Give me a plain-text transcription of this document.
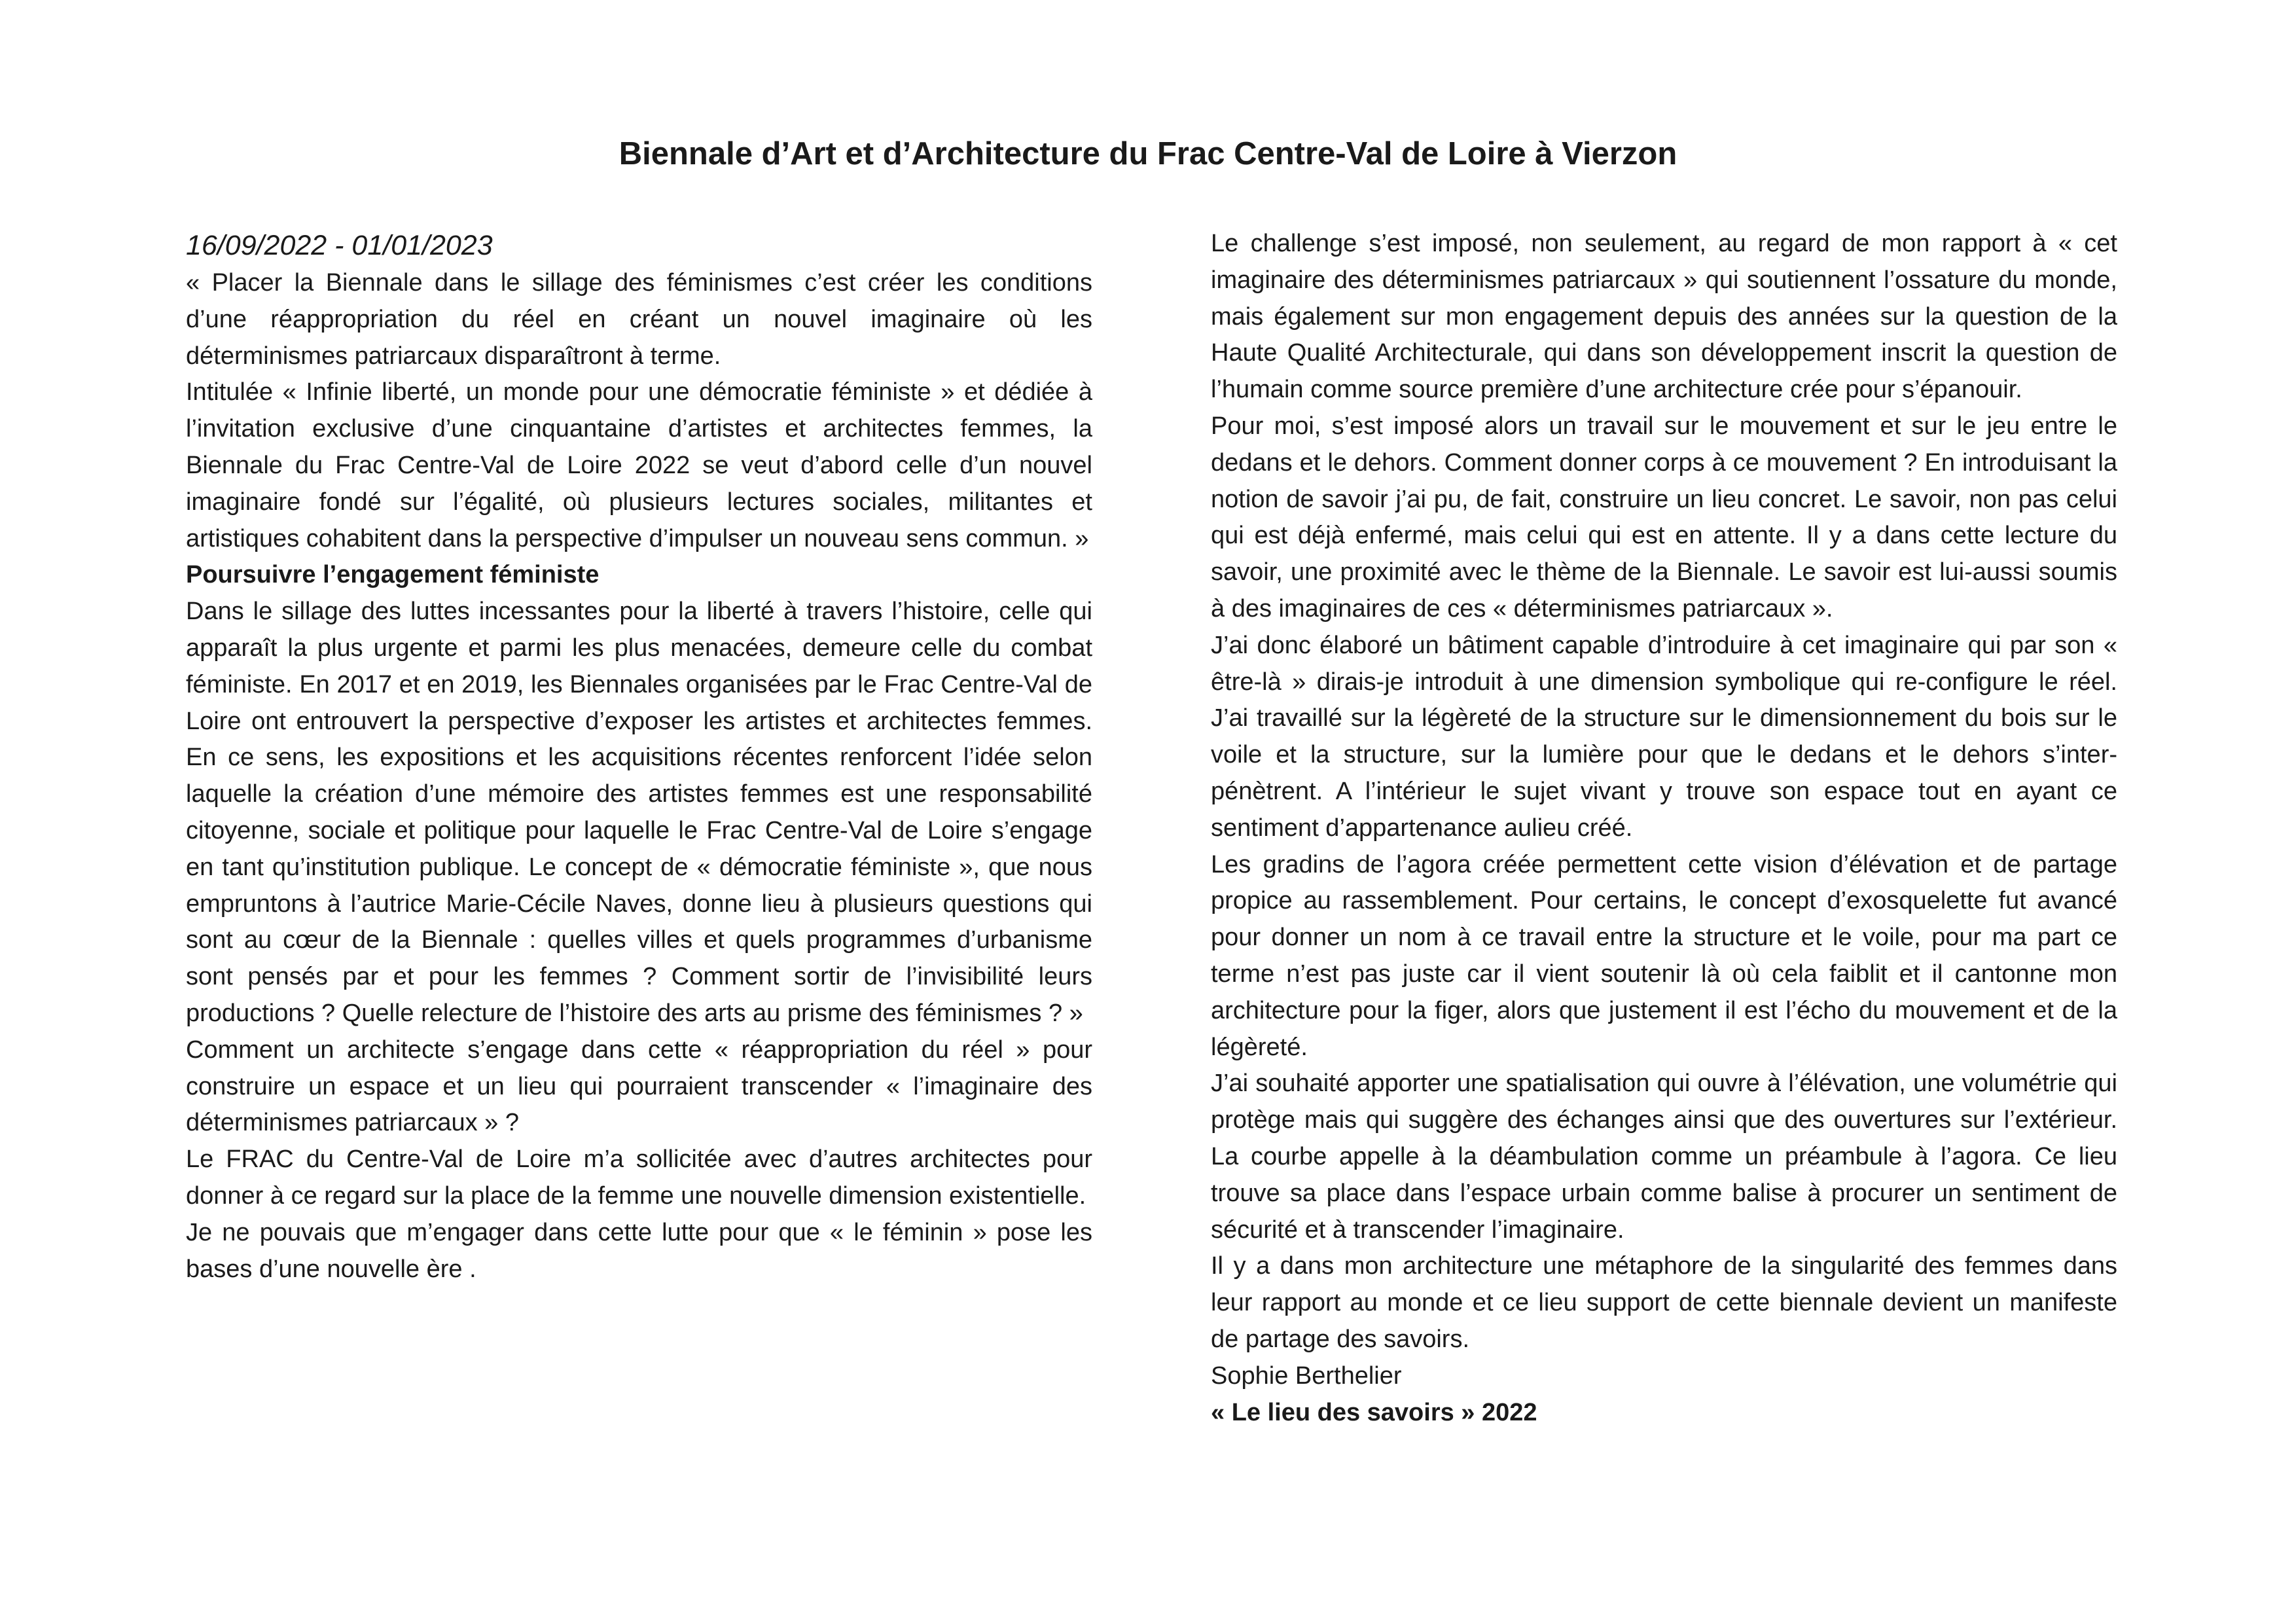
Biennale d’Art et d’Architecture du Frac Centre-Val de Loire à Vierzon

16/09/2022 - 01/01/2023

« Placer la Biennale dans le sillage des féminismes c’est créer les conditions d’une réappropriation du réel en créant un nouvel imaginaire où les déterminismes patriarcaux disparaîtront à terme.

Intitulée « Infinie liberté, un monde pour une démocratie féministe » et dédiée à l’invitation exclusive d’une cinquantaine d’artistes et architectes femmes, la Biennale du Frac Centre-Val de Loire 2022 se veut d’abord celle d’un nouvel imaginaire fondé sur l’égalité, où plusieurs lectures sociales, militantes et artistiques cohabitent dans la perspective d’impulser un nouveau sens commun. »

Poursuivre l’engagement féministe

Dans le sillage des luttes incessantes pour la liberté à travers l’histoire, celle qui apparaît la plus urgente et parmi les plus menacées, demeure celle du combat féministe. En 2017 et en 2019, les Biennales organisées par le Frac Centre-Val de Loire ont entrouvert la perspective d’exposer les artistes et architectes femmes. En ce sens, les expositions et les acquisitions récentes renforcent l’idée selon laquelle la création d’une mémoire des artistes femmes est une responsabilité citoyenne, sociale et politique pour laquelle le Frac Centre-Val de Loire s’engage en tant qu’institution publique. Le concept de « démocratie féministe », que nous empruntons à l’autrice Marie-Cécile Naves, donne lieu à plusieurs questions qui sont au cœur de la Biennale : quelles villes et quels programmes d’urbanisme sont pensés par et pour les femmes ? Comment sortir de l’invisibilité leurs productions ? Quelle relecture de l’histoire des arts au prisme des féminismes ? »

Comment un architecte s’engage dans cette « réappropriation du réel » pour construire un espace et un lieu qui pourraient transcender « l’imaginaire des déterminismes patriarcaux » ?

Le FRAC du Centre-Val de Loire m’a sollicitée avec d’autres architectes pour donner à ce regard sur la place de la femme une nouvelle dimension existentielle.

Je ne pouvais que m’engager dans cette lutte pour que « le féminin » pose les bases d’une nouvelle ère .

Le challenge s’est imposé, non seulement, au regard de mon rapport à « cet imaginaire des déterminismes patriarcaux » qui soutiennent l’ossature du monde, mais également sur mon engagement depuis des années sur la question de la Haute Qualité Architecturale, qui dans son développement inscrit la question de l’humain comme source première d’une architecture crée pour s’épanouir.

Pour moi, s’est imposé alors un travail sur le mouvement et sur le jeu entre le dedans et le dehors. Comment donner corps à ce mouvement ? En introduisant la notion de savoir j’ai pu, de fait, construire un lieu concret. Le savoir, non pas celui qui est déjà enfermé, mais celui qui est en attente. Il y a dans cette lecture du savoir, une proximité avec le thème de la Biennale. Le savoir est lui-aussi soumis à des imaginaires de ces « déterminismes patriarcaux ».

J’ai donc élaboré un bâtiment capable d’introduire à cet imaginaire qui par son « être-là » dirais-je introduit à une dimension symbolique qui re-configure le réel. J’ai travaillé sur la légèreté de la structure sur le dimensionnement du bois sur le voile et la structure, sur la lumière pour que le dedans et le dehors s’inter-pénètrent. A l’intérieur le sujet vivant y trouve son espace tout en ayant ce sentiment d’appartenance aulieu créé.

Les gradins de l’agora créée permettent cette vision d’élévation et de partage propice au rassemblement. Pour certains, le concept d’exosquelette fut avancé pour donner un nom à ce travail entre la structure et le voile, pour ma part ce terme n’est pas juste car il vient soutenir là où cela faiblit et il cantonne mon architecture pour la figer, alors que justement il est l’écho du mouvement et de la légèreté.

J’ai souhaité apporter une spatialisation qui ouvre à l’élévation, une volumétrie qui protège mais qui suggère des échanges ainsi que des ouvertures sur l’extérieur. La courbe appelle à la déambulation comme un préambule à l’agora. Ce lieu trouve sa place dans l’espace urbain comme balise à procurer un sentiment de sécurité et à transcender l’imaginaire.

Il y a dans mon architecture une métaphore de la singularité des femmes dans leur rapport au monde et ce lieu support de cette biennale devient un manifeste de partage des savoirs.

Sophie Berthelier

« Le lieu des savoirs » 2022
